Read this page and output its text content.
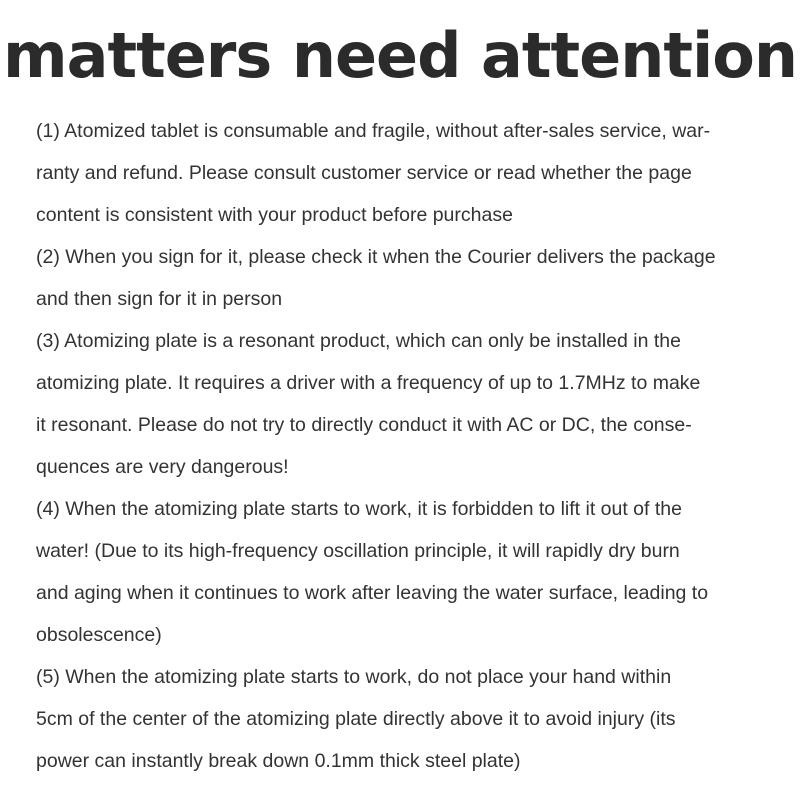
matters need attention
(1) Atomized tablet is consumable and fragile, without after-sales service, war-
ranty and refund. Please consult customer service or read whether the page
content is consistent with your product before purchase
(2) When you sign for it, please check it when the Courier delivers the package
and then sign for it in person
(3) Atomizing plate is a resonant product, which can only be installed in the
atomizing plate. It requires a driver with a frequency of up to 1.7MHz to make
it resonant. Please do not try to directly conduct it with AC or DC, the conse-
quences are very dangerous!
(4) When the atomizing plate starts to work, it is forbidden to lift it out of the
water! (Due to its high-frequency oscillation principle, it will rapidly dry burn
and aging when it continues to work after leaving the water surface, leading to
obsolescence)
(5) When the atomizing plate starts to work, do not place your hand within
5cm of the center of the atomizing plate directly above it to avoid injury (its
power can instantly break down 0.1mm thick steel plate)
